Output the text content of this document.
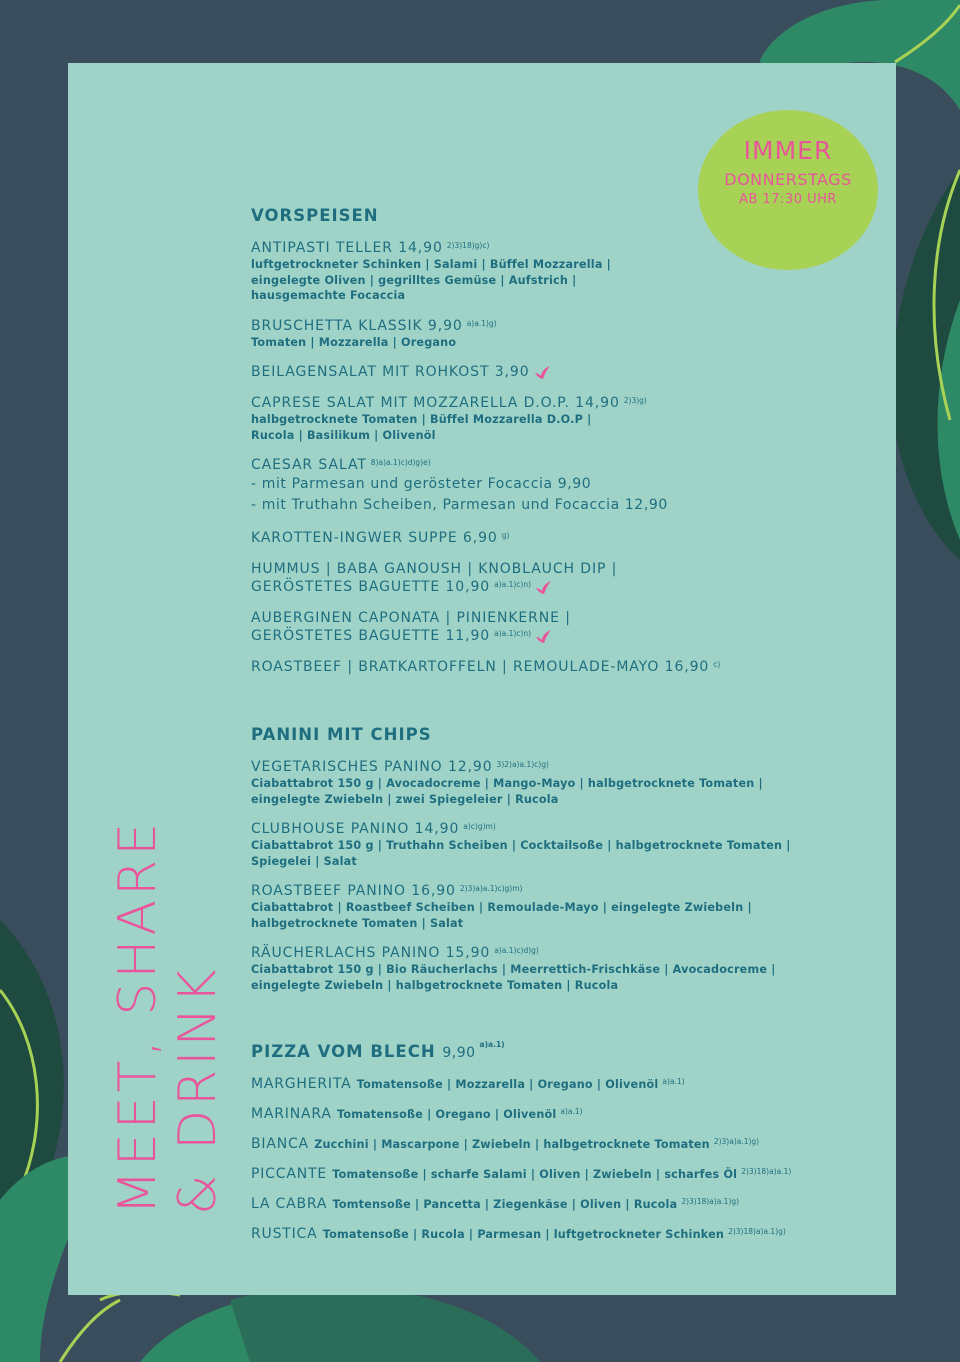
IMMER
DONNERSTAGS
AB 17:30 UHR
MEET, SHARE & DRINK
VORSPEISEN
ANTIPASTI TELLER 14,90 $^{2)3)18)g)c)}$
luftgetrockneter Schinken | Salami | Büffel Mozzarella |
eingelegte Oliven | gegrilltes Gemüse | Aufstrich |
hausgemachte Focaccia
BRUSCHETTA KLASSIK 9,90 $^{a)a.1)g)}$
Tomaten | Mozzarella | Oregano
BEILAGENSALAT MIT ROHKOST 3,90
CAPRESE SALAT MIT MOZZARELLA D.O.P. 14,90 $^{2)3)g)}$
halbgetrocknete Tomaten | Büffel Mozzarella D.O.P |
Rucola | Basilikum | Olivenöl
CAESAR SALAT $^{8)a)a.1)c)d)g)e)}$
- mit Parmesan und gerösteter Focaccia 9,90
- mit Truthahn Scheiben, Parmesan und Focaccia 12,90
KAROTTEN-INGWER SUPPE 6,90 $^{g)}$
HUMMUS | BABA GANOUSH | KNOBLAUCH DIP |
GERÖSTETES BAGUETTE 10,90 $^{a)a.1)c)n)}$
AUBERGINEN CAPONATA | PINIENKERNE |
GERÖSTETES BAGUETTE 11,90 $^{a)a.1)c)n)}$
ROASTBEEF | BRATKARTOFFELN | REMOULADE-MAYO 16,90 $^{c)}$
PANINI MIT CHIPS
VEGETARISCHES PANINO 12,90 $^{3)2)a)a.1)c)g)}$
Ciabattabrot 150 g | Avocadocreme | Mango-Mayo | halbgetrocknete Tomaten |
eingelegte Zwiebeln | zwei Spiegeleier | Rucola
CLUBHOUSE PANINO 14,90 $^{a)c)g)m)}$
Ciabattabrot 150 g | Truthahn Scheiben | Cocktailsoße | halbgetrocknete Tomaten |
Spiegelei | Salat
ROASTBEEF PANINO 16,90 $^{2)3)a)a.1)c)g)m)}$
Ciabattabrot | Roastbeef Scheiben | Remoulade-Mayo | eingelegte Zwiebeln |
halbgetrocknete Tomaten | Salat
RÄUCHERLACHS PANINO 15,90 $^{a)a.1)c)d)g)}$
Ciabattabrot 150 g | Bio Räucherlachs | Meerrettich-Frischkäse | Avocadocreme |
eingelegte Zwiebeln | halbgetrocknete Tomaten | Rucola
PIZZA VOM BLECH $9,90^{a)a.1)}$
MARGHERITA Tomatensoße | Mozzarella | Oregano | Olivenöl $^{a)a.1)}$
MARINARA Tomatensoße | Oregano | Olivenöl $^{a)a.1)}$
BIANCA Zucchini | Mascarpone | Zwiebeln | halbgetrocknete Tomaten $^{2)3)a)a.1)g)}$
PICCANTE Tomatensoße | scharfe Salami | Oliven | Zwiebeln | scharfes Öl $^{2)3)18)a)a.1)}$
LA CABRA Tomtensoße | Pancetta | Ziegenkäse | Oliven | Rucola $^{2)3)18)a)a.1)g)}$
RUSTICA Tomatensoße | Rucola | Parmesan | luftgetrockneter Schinken $^{2)3)18)a)a.1)g)}$
